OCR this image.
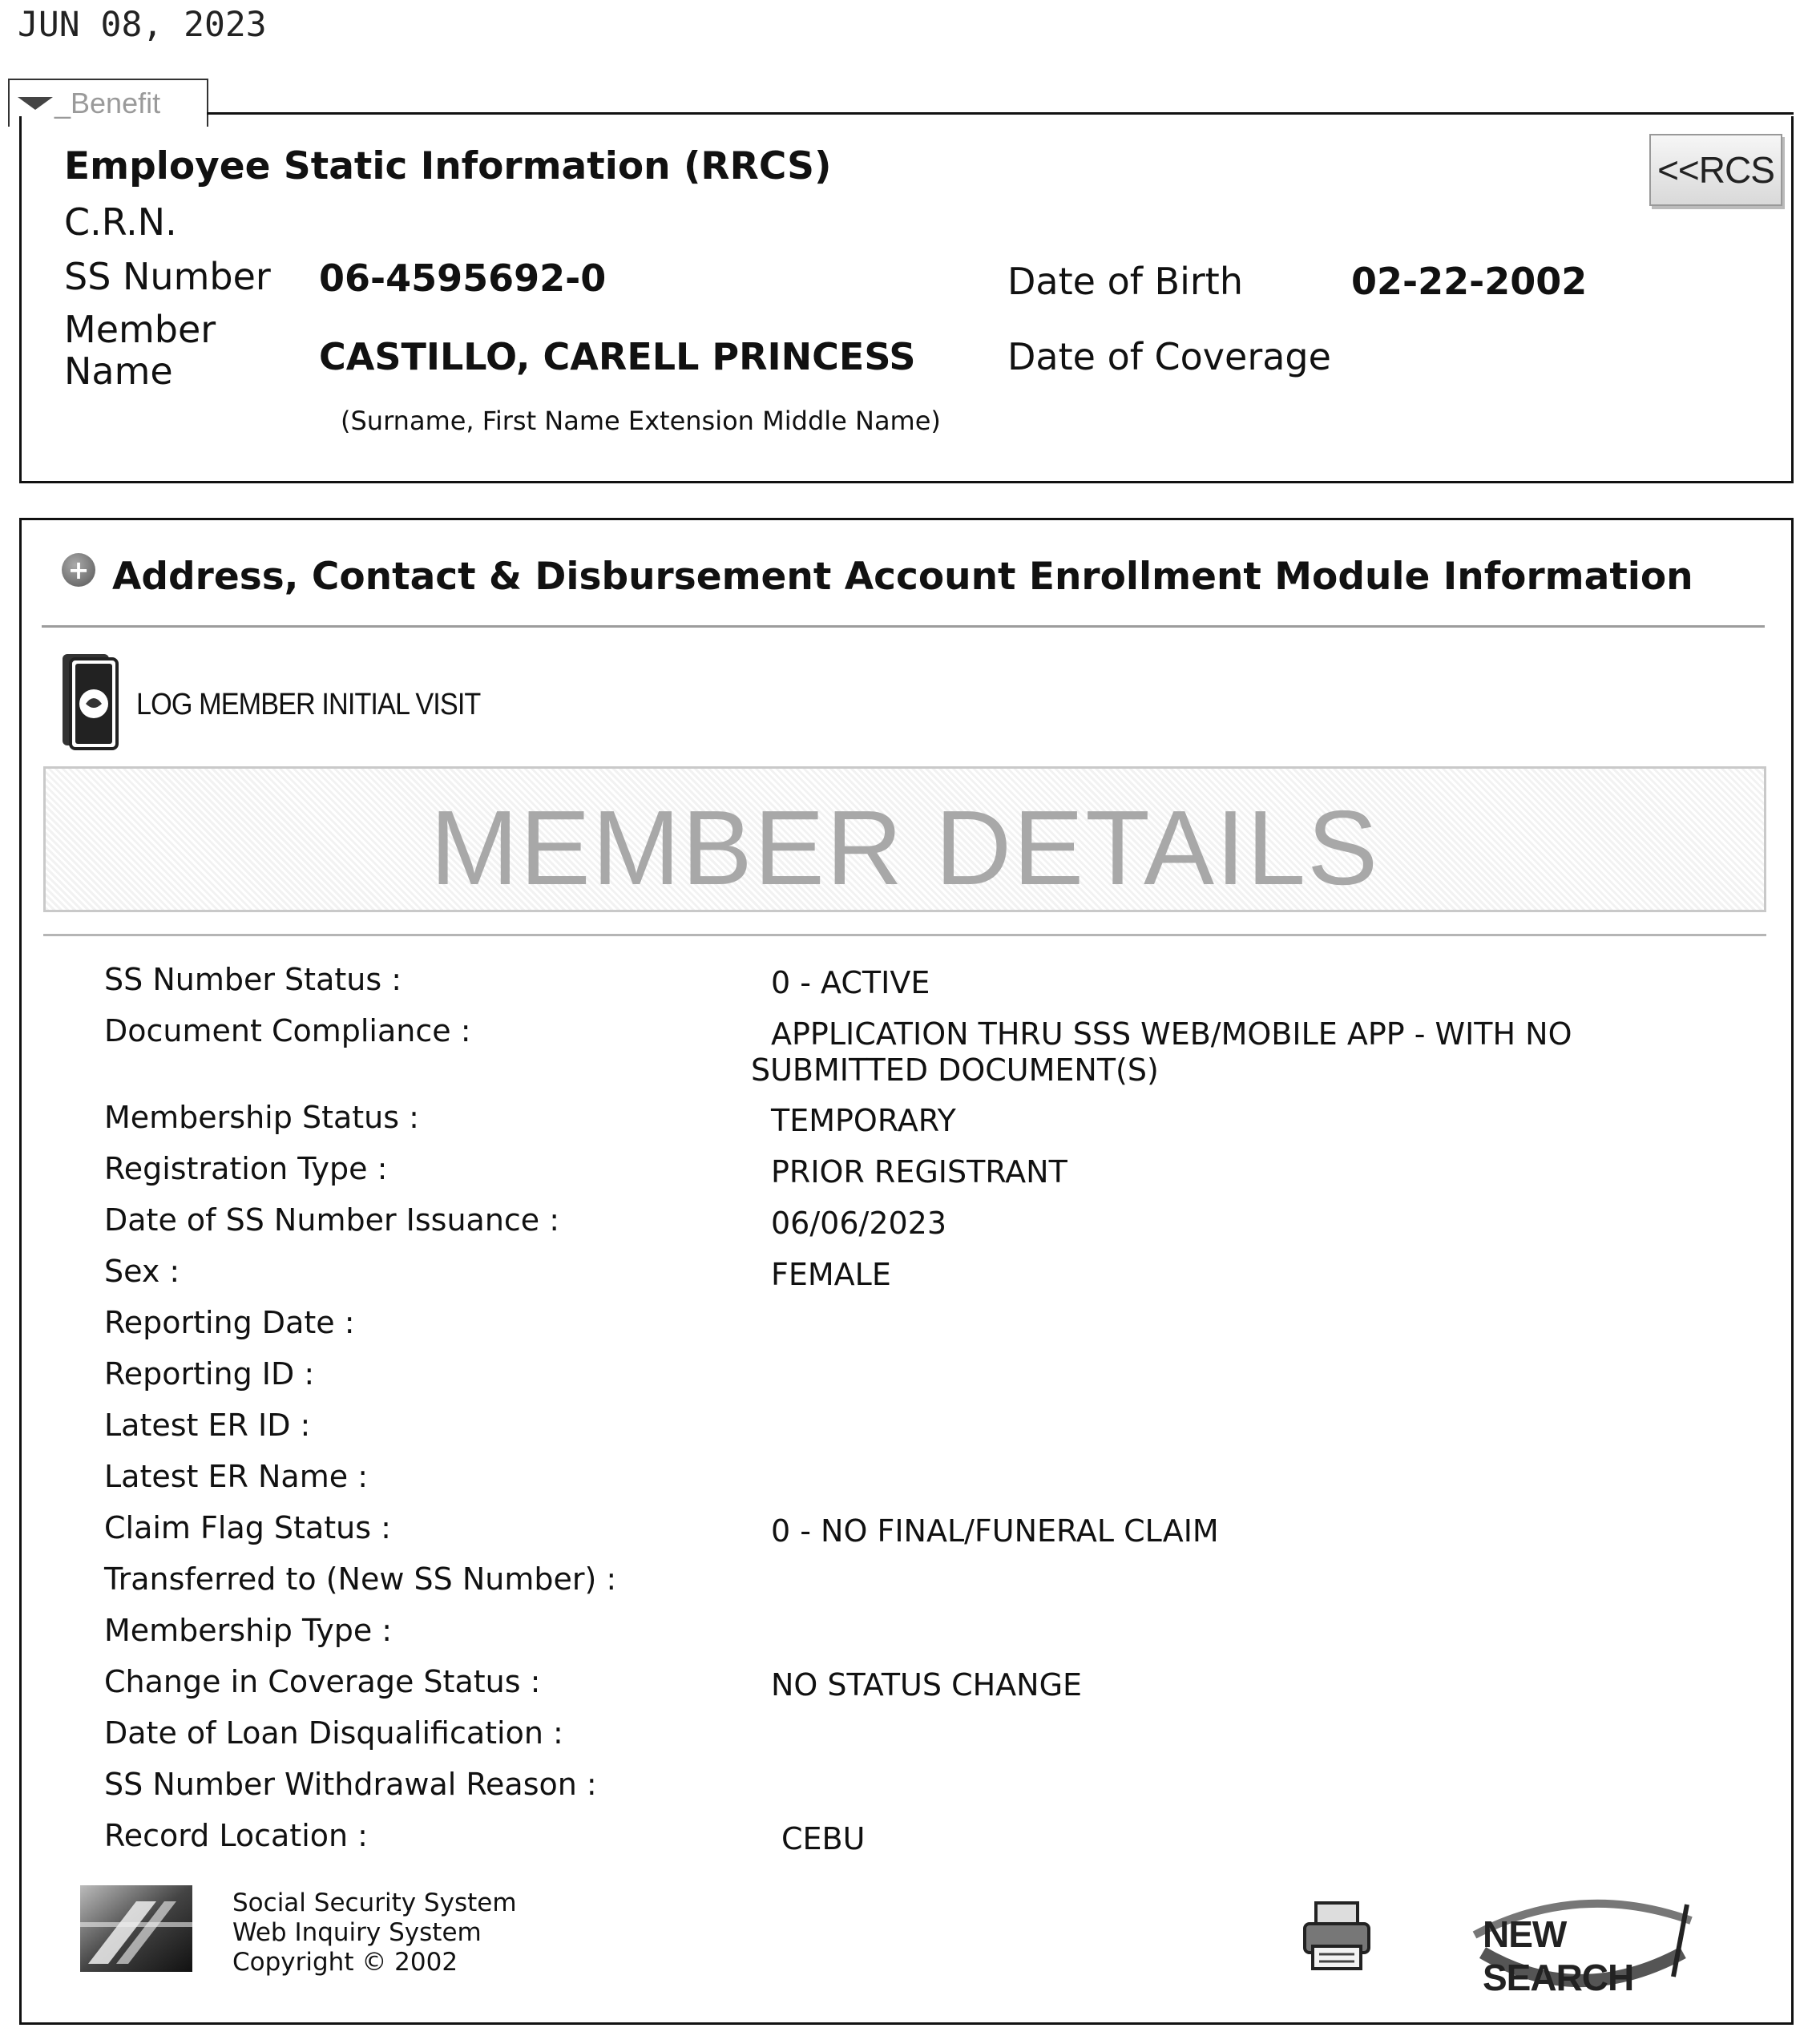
JUN 08, 2023
_Benefit
<<RCS
Employee Static Information (RRCS)
C.R.N.
SS Number 06-4595692-0
Member
Name	CASTILLO, CARELL PRINCESS
(Surname, First Name Extension Middle Name)
Date of Birth	02-22-2002
Date of Coverage
+ Address, Contact & Disbursement Account Enrollment Module Information
LOG MEMBER INITIAL VISIT
MEMBER DETAILS
SS Number Status :	0 - ACTIVE
Document Compliance :	APPLICATION THRU SSS WEB/MOBILE APP - WITH NO
SUBMITTED DOCUMENT(S)
Membership Status :	TEMPORARY
Registration Type :	PRIOR REGISTRANT
Date of SS Number Issuance :	06/06/2023
Sex :	FEMALE
Reporting Date :
Reporting ID :
Latest ER ID :
Latest ER Name :
Claim Flag Status :	0 - NO FINAL/FUNERAL CLAIM
Transferred to (New SS Number) :
Membership Type :
Change in Coverage Status :	NO STATUS CHANGE
Date of Loan Disqualification :
SS Number Withdrawal Reason :
Record Location :	CEBU
Social Security System
Web Inquiry System
Copyright © 2002
NEW SEARCH
